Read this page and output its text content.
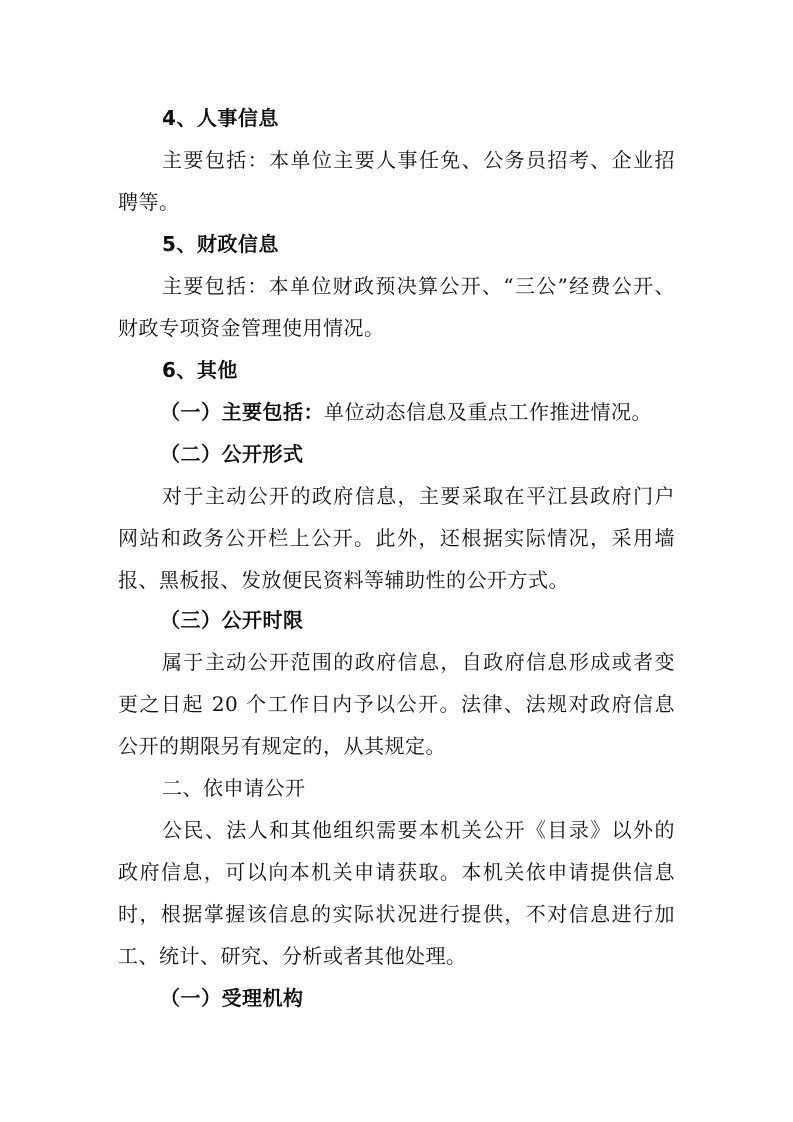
4、人事信息
主要包括：本单位主要人事任免、公务员招考、企业招
聘等。
5、财政信息
主要包括：本单位财政预决算公开、“三公”经费公开、
财政专项资金管理使用情况。
6、其他
（一）主要包括：单位动态信息及重点工作推进情况。
（二）公开形式
对于主动公开的政府信息，主要采取在平江县政府门户
网站和政务公开栏上公开。此外，还根据实际情况，采用墙
报、黑板报、发放便民资料等辅助性的公开方式。
（三）公开时限
属于主动公开范围的政府信息，自政府信息形成或者变
更之日起 20 个工作日内予以公开。法律、法规对政府信息
公开的期限另有规定的，从其规定。
二、依申请公开
公民、法人和其他组织需要本机关公开《目录》以外的
政府信息，可以向本机关申请获取。本机关依申请提供信息
时，根据掌握该信息的实际状况进行提供，不对信息进行加
工、统计、研究、分析或者其他处理。
（一）受理机构
